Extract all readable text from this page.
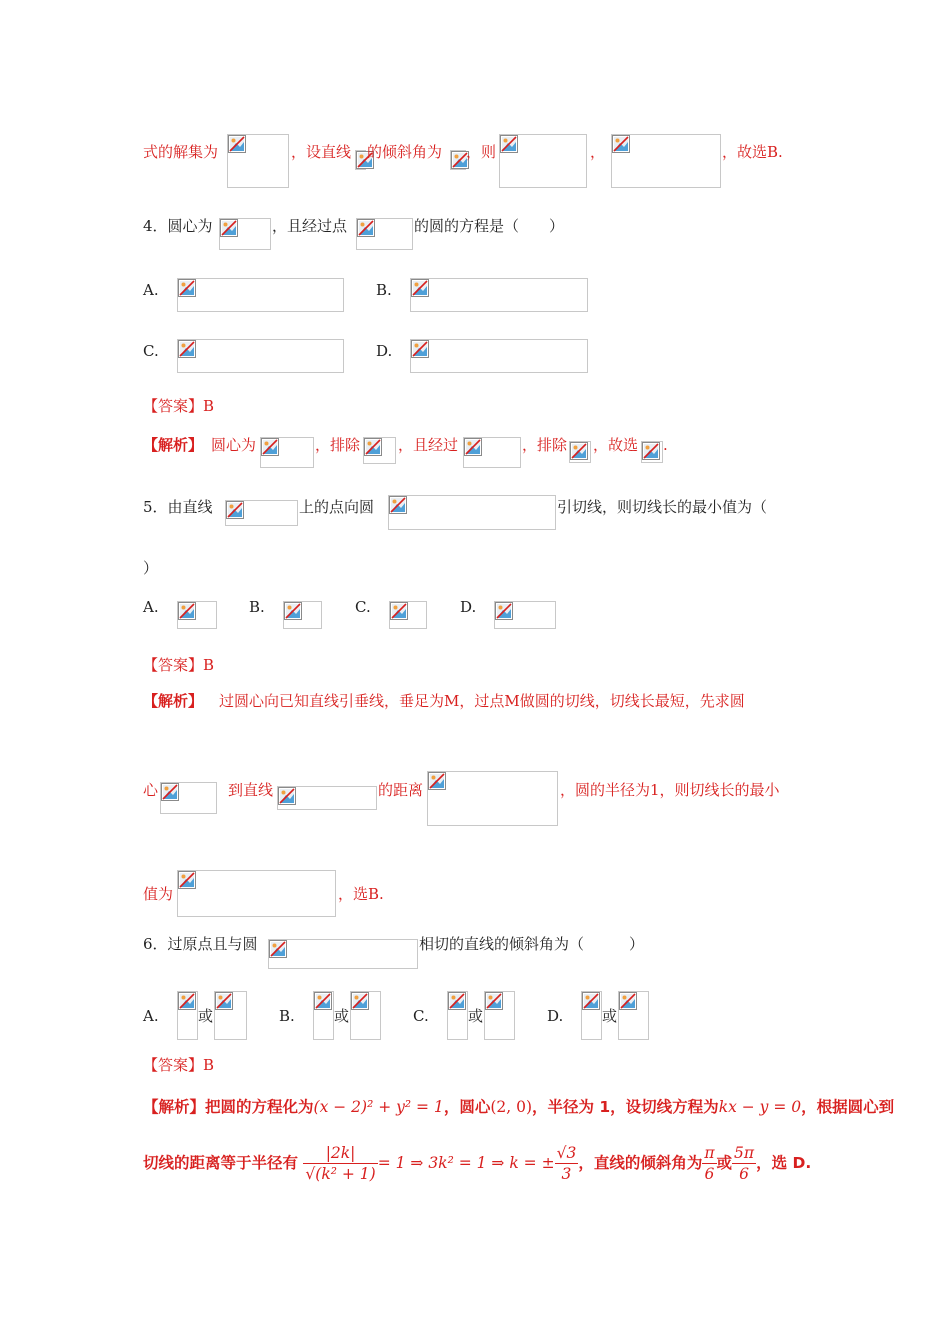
式的解集为	，设直线 的倾斜角为 ，则	，	，故选B.
4．圆心为	，且经过点	的圆的方程是（　　）
A.	B.
C.	D.
【答案】B
【解析】 圆心为	，排除	，且经过	，排除 ，故选 .
5．由直线	上的点向圆	引切线，则切线长的最小值为（
）
A.	B.	C.	D.
【答案】B
【解析】 过圆心向已知直线引垂线，垂足为M，过点M做圆的切线，切线长最短，先求圆
心	到直线	的距离	，圆的半径为1，则切线长的最小
值为	，选B.
6．过原点且与圆	相切的直线的倾斜角为（　　　）
A.	或	B.	或	C.	或	D.	或
【答案】B
【解析】把圆的方程化为(x − 2)² + y² = 1，圆心(2, 0)，半径为 1，设切线方程为kx − y = 0，根据圆心到
切线的距离等于半径有 $\frac{|2k|}{\text{√(k² + 1)}} = 1$ ⇒ 3k² = 1 ⇒ k = ± $\frac{√3}{3}$ ，直线的倾斜角为 $\frac{\pi}{6}$ 或 $\frac{5\pi}{6}$ ，选 D.
